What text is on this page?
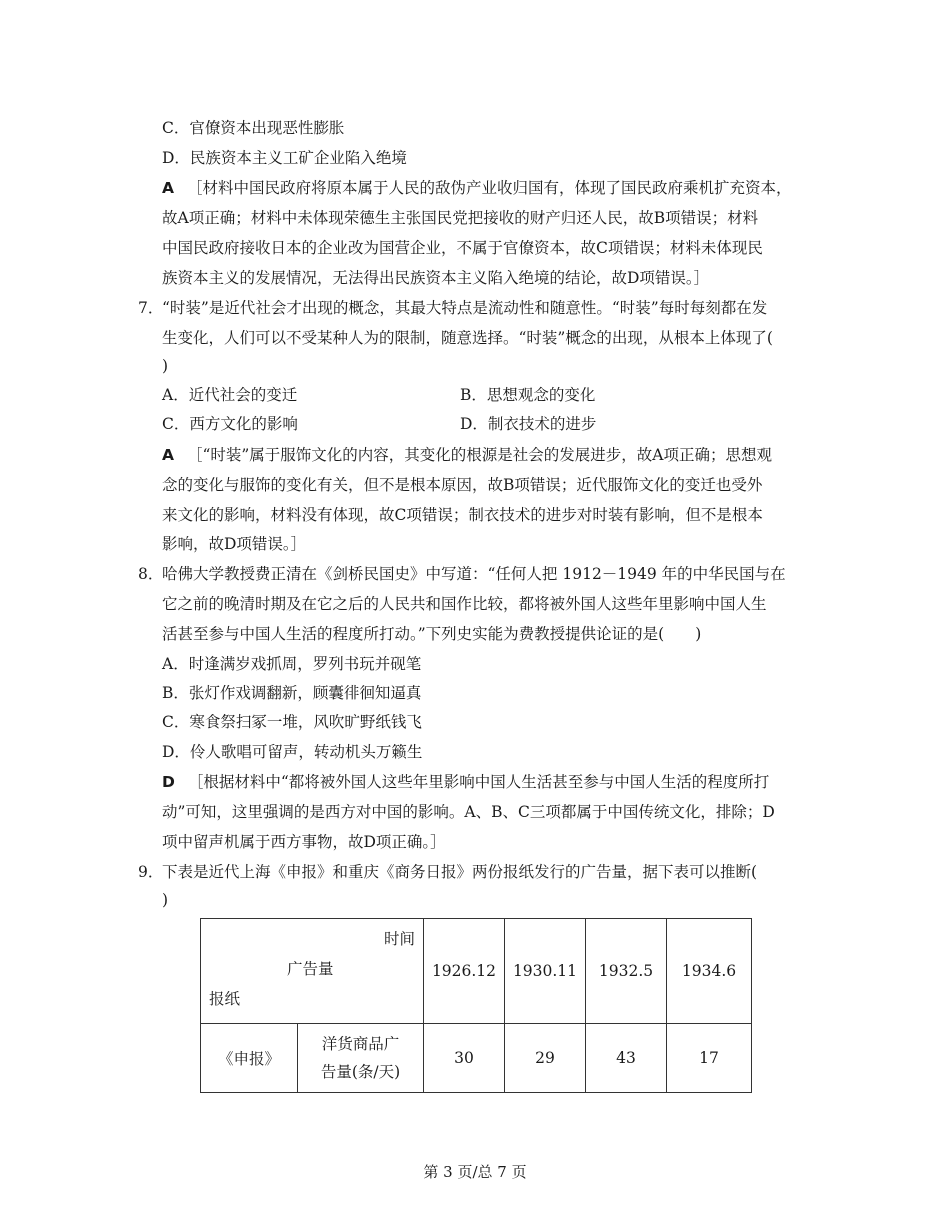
C．官僚资本出现恶性膨胀
D．民族资本主义工矿企业陷入绝境
A ［材料中国民政府将原本属于人民的敌伪产业收归国有，体现了国民政府乘机扩充资本，
故A项正确；材料中未体现荣德生主张国民党把接收的财产归还人民，故B项错误；材料
中国民政府接收日本的企业改为国营企业，不属于官僚资本，故C项错误；材料未体现民
族资本主义的发展情况，无法得出民族资本主义陷入绝境的结论，故D项错误。］
7．
“时装”是近代社会才出现的概念，其最大特点是流动性和随意性。“时装”每时每刻都在发
生变化，人们可以不受某种人为的限制，随意选择。“时装”概念的出现，从根本上体现了(
)
A．近代社会的变迁	B．思想观念的变化
C．西方文化的影响	D．制衣技术的进步
A ［“时装”属于服饰文化的内容，其变化的根源是社会的发展进步，故A项正确；思想观
念的变化与服饰的变化有关，但不是根本原因，故B项错误；近代服饰文化的变迁也受外
来文化的影响，材料没有体现，故C项错误；制衣技术的进步对时装有影响，但不是根本
影响，故D项错误。］
8．
哈佛大学教授费正清在《剑桥民国史》中写道：“任何人把 1912－1949 年的中华民国与在
它之前的晚清时期及在它之后的人民共和国作比较，都将被外国人这些年里影响中国人生
活甚至参与中国人生活的程度所打动。”下列史实能为费教授提供论证的是(　　)
A．时逢满岁戏抓周，罗列书玩并砚笔
B．张灯作戏调翻新，顾囊徘徊知逼真
C．寒食祭扫冢一堆，风吹旷野纸钱飞
D．伶人歌唱可留声，转动机头万籁生
D ［根据材料中“都将被外国人这些年里影响中国人生活甚至参与中国人生活的程度所打
动”可知，这里强调的是西方对中国的影响。A、B、C三项都属于中国传统文化，排除；D
项中留声机属于西方事物，故D项正确。］
9．
下表是近代上海《申报》和重庆《商务日报》两份报纸发行的广告量，据下表可以推断(
)
时间
广告量
报纸		1926.12	1930.11	1932.5	1934.6
《申报》	洋货商品广
告量(条/天)	30	29	43	17
第 3 页/总 7 页
